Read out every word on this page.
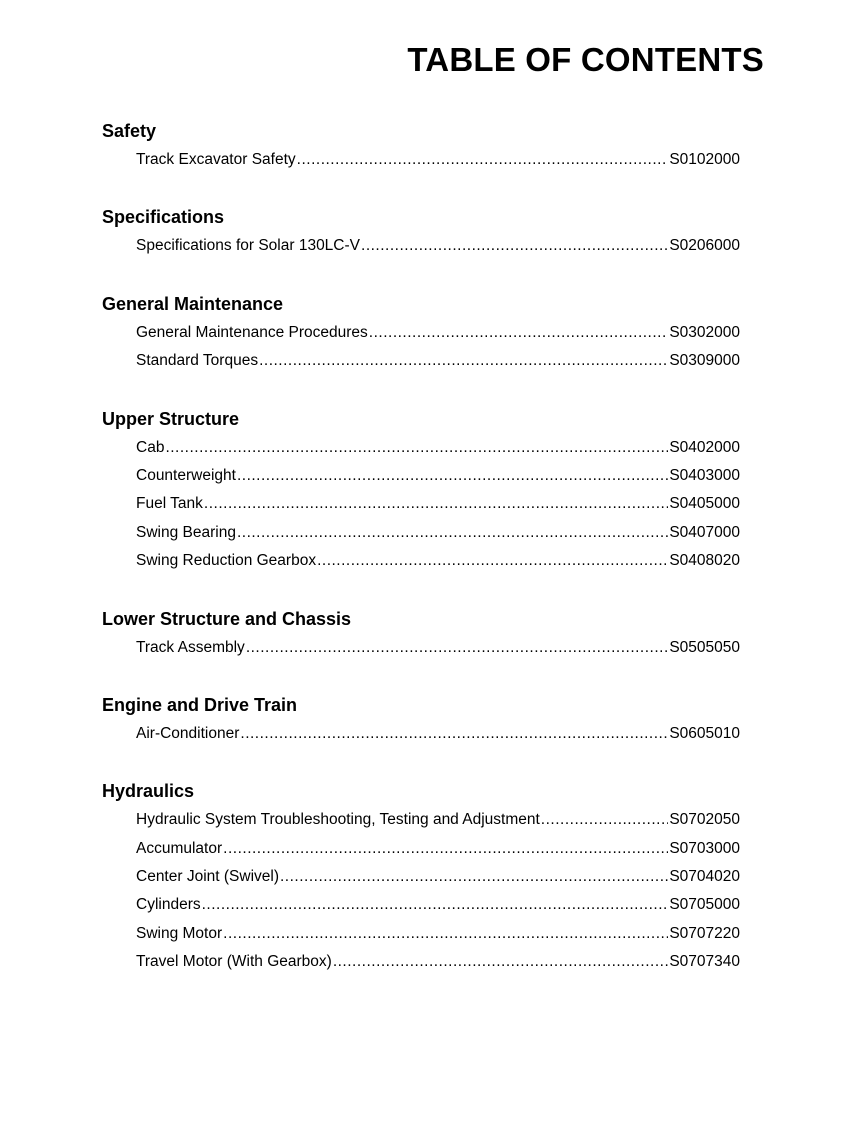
TABLE OF CONTENTS
Safety
Track Excavator Safety .....	S0102000
Specifications
Specifications for Solar 130LC-V .....	S0206000
General Maintenance
General Maintenance Procedures .....	S0302000
Standard Torques .....	S0309000
Upper Structure
Cab .....	S0402000
Counterweight .....	S0403000
Fuel Tank .....	S0405000
Swing Bearing .....	S0407000
Swing Reduction Gearbox .....	S0408020
Lower Structure and Chassis
Track Assembly .....	S0505050
Engine and Drive Train
Air-Conditioner .....	S0605010
Hydraulics
Hydraulic System Troubleshooting, Testing and Adjustment .....	S0702050
Accumulator .....	S0703000
Center Joint (Swivel) .....	S0704020
Cylinders .....	S0705000
Swing Motor .....	S0707220
Travel Motor (With Gearbox) .....	S0707340
